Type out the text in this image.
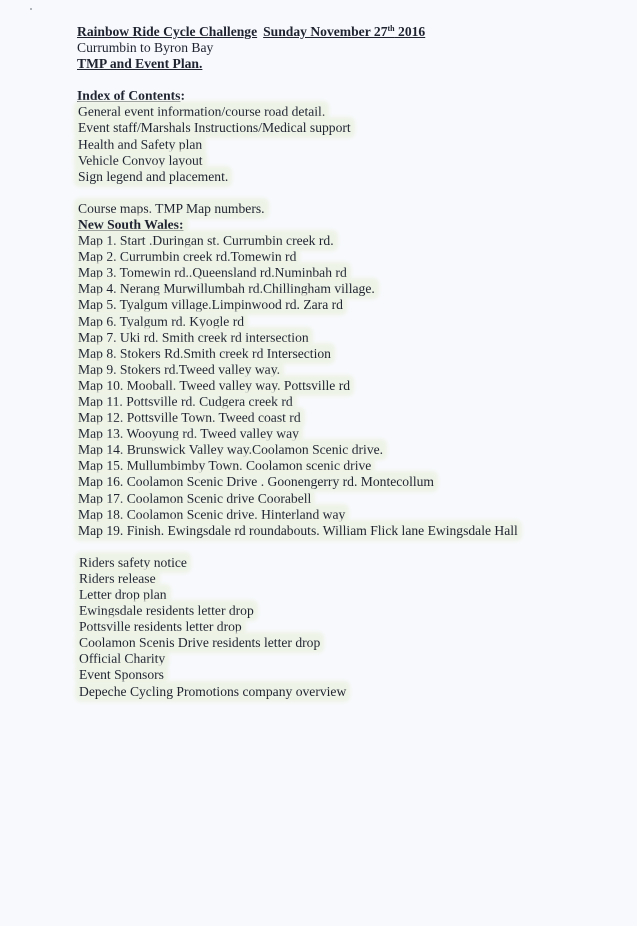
Rainbow Ride Cycle Challenge Sunday November 27th 2016
Currumbin to Byron Bay
TMP and Event Plan.
Index of Contents:
General event information/course road detail.
Event staff/Marshals Instructions/Medical support
Health and Safety plan
Vehicle Convoy layout
Sign legend and placement.
Course maps. TMP Map numbers.
New South Wales:
Map 1. Start .Duringan st. Currumbin creek rd.
Map 2. Currumbin creek rd.Tomewin rd
Map 3. Tomewin rd..Queensland rd.Numinbah rd
Map 4. Nerang Murwillumbah rd.Chillingham village.
Map 5. Tyalgum village.Limpinwood rd. Zara rd
Map 6. Tyalgum rd. Kyogle rd
Map 7. Uki rd. Smith creek rd intersection
Map 8. Stokers Rd.Smith creek rd Intersection
Map 9. Stokers rd.Tweed valley way.
Map 10. Mooball. Tweed valley way. Pottsville rd
Map 11. Pottsville rd. Cudgera creek rd
Map 12. Pottsville Town. Tweed coast rd
Map 13. Wooyung rd. Tweed valley way
Map 14. Brunswick Valley way.Coolamon Scenic drive.
Map 15. Mullumbimby Town. Coolamon scenic drive
Map 16. Coolamon Scenic Drive . Goonengerry rd. Montecollum
Map 17. Coolamon Scenic drive Coorabell
Map 18. Coolamon Scenic drive. Hinterland way
Map 19. Finish. Ewingsdale rd roundabouts. William Flick lane Ewingsdale Hall
Riders safety notice
Riders release
Letter drop plan
Ewingsdale residents letter drop
Pottsville residents letter drop
Coolamon Scenis Drive residents letter drop
Official Charity
Event Sponsors
Depeche Cycling Promotions company overview
